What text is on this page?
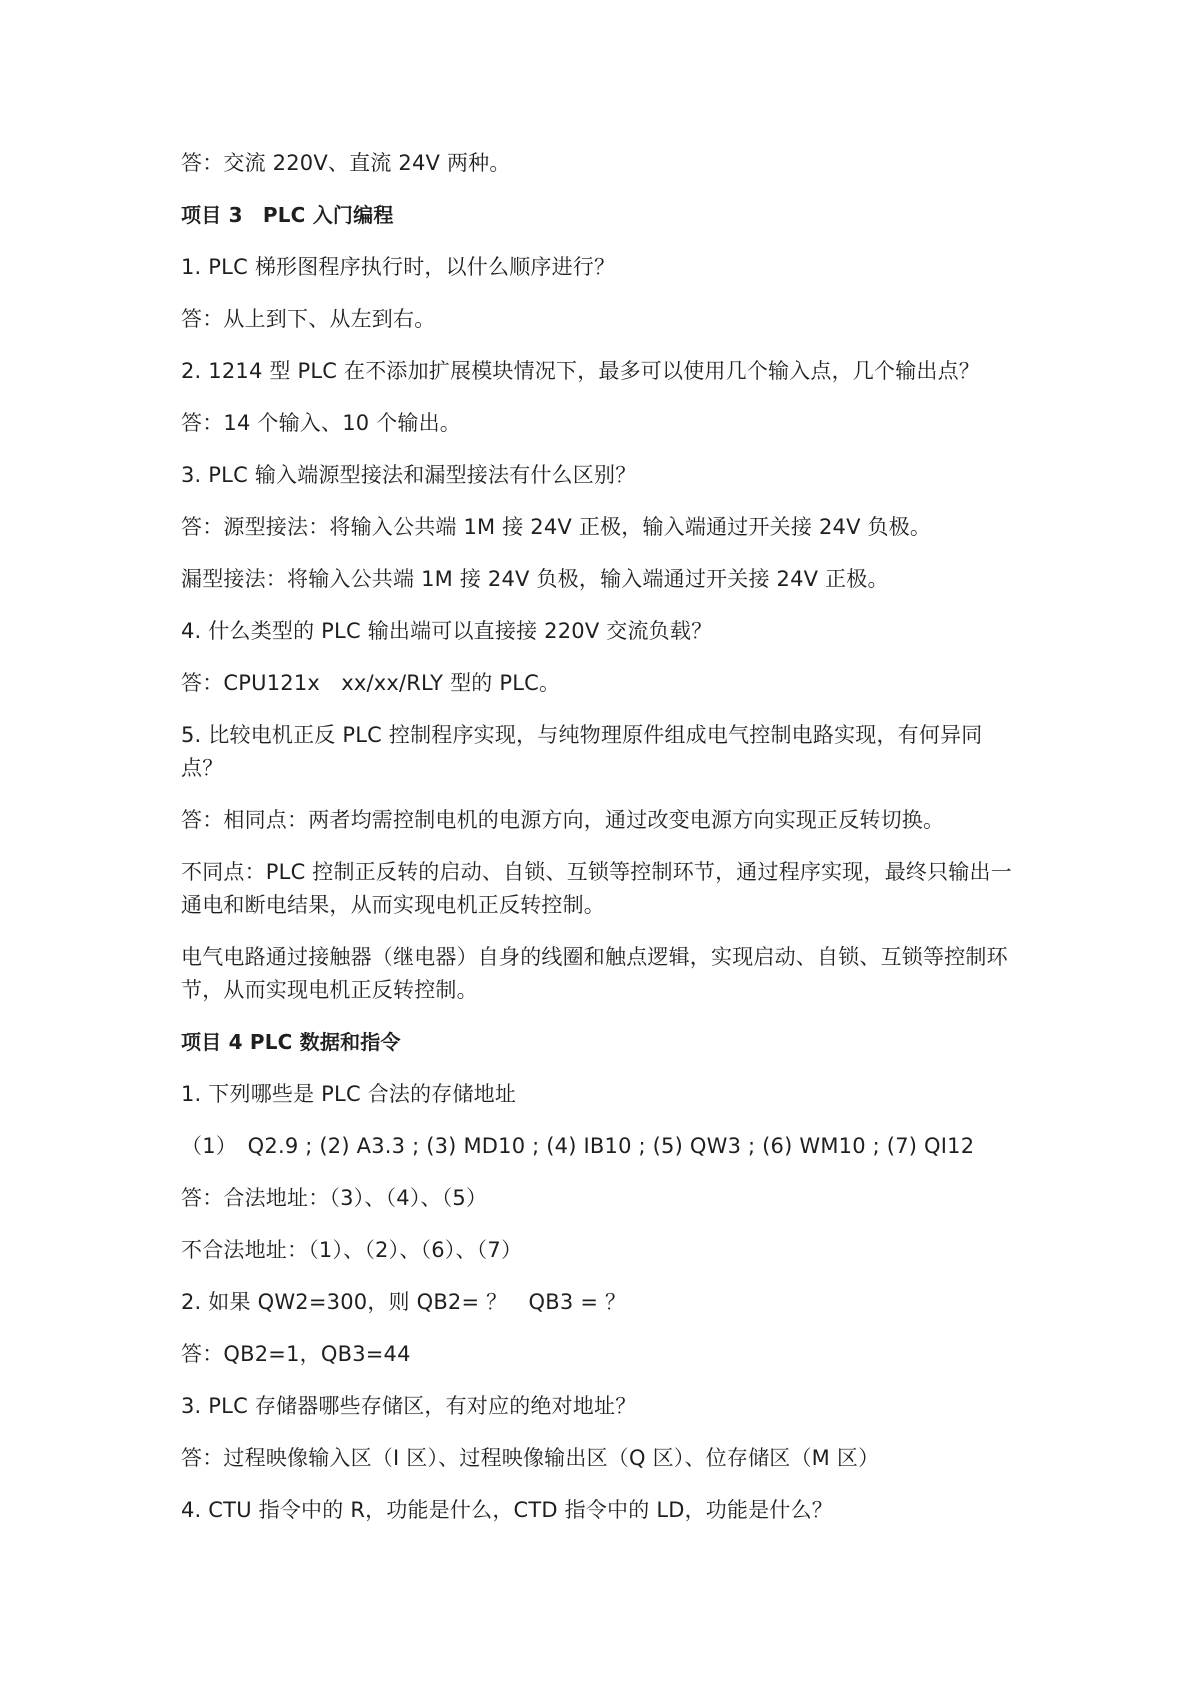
答：交流 220V、直流 24V 两种。
项目 3　PLC 入门编程
1. PLC 梯形图程序执行时，以什么顺序进行？
答：从上到下、从左到右。
2. 1214 型 PLC 在不添加扩展模块情况下，最多可以使用几个输入点，几个输出点？
答：14 个输入、10 个输出。
3. PLC 输入端源型接法和漏型接法有什么区别？
答：源型接法：将输入公共端 1M 接 24V 正极，输入端通过开关接 24V 负极。
漏型接法：将输入公共端 1M 接 24V 负极，输入端通过开关接 24V 正极。
4. 什么类型的 PLC 输出端可以直接接 220V 交流负载？
答：CPU121x　xx/xx/RLY 型的 PLC。
5. 比较电机正反 PLC 控制程序实现，与纯物理原件组成电气控制电路实现，有何异同点？
答：相同点：两者均需控制电机的电源方向，通过改变电源方向实现正反转切换。
不同点：PLC 控制正反转的启动、自锁、互锁等控制环节，通过程序实现，最终只输出一通电和断电结果，从而实现电机正反转控制。
电气电路通过接触器（继电器）自身的线圈和触点逻辑，实现启动、自锁、互锁等控制环节，从而实现电机正反转控制。
项目 4 PLC 数据和指令
1. 下列哪些是 PLC 合法的存储地址
（1）　Q2.9 ; (2) A3.3 ; (3) MD10 ; (4) IB10 ; (5) QW3 ; (6) WM10 ; (7) QI12
答：合法地址：（3）、（4）、（5）
不合法地址：（1）、（2）、（6）、（7）
2. 如果 QW2=300，则 QB2= ？　QB3 = ？
答：QB2=1，QB3=44
3. PLC 存储器哪些存储区，有对应的绝对地址？
答：过程映像输入区（I 区）、过程映像输出区（Q 区）、位存储区（M 区）
4. CTU 指令中的 R，功能是什么，CTD 指令中的 LD，功能是什么？
